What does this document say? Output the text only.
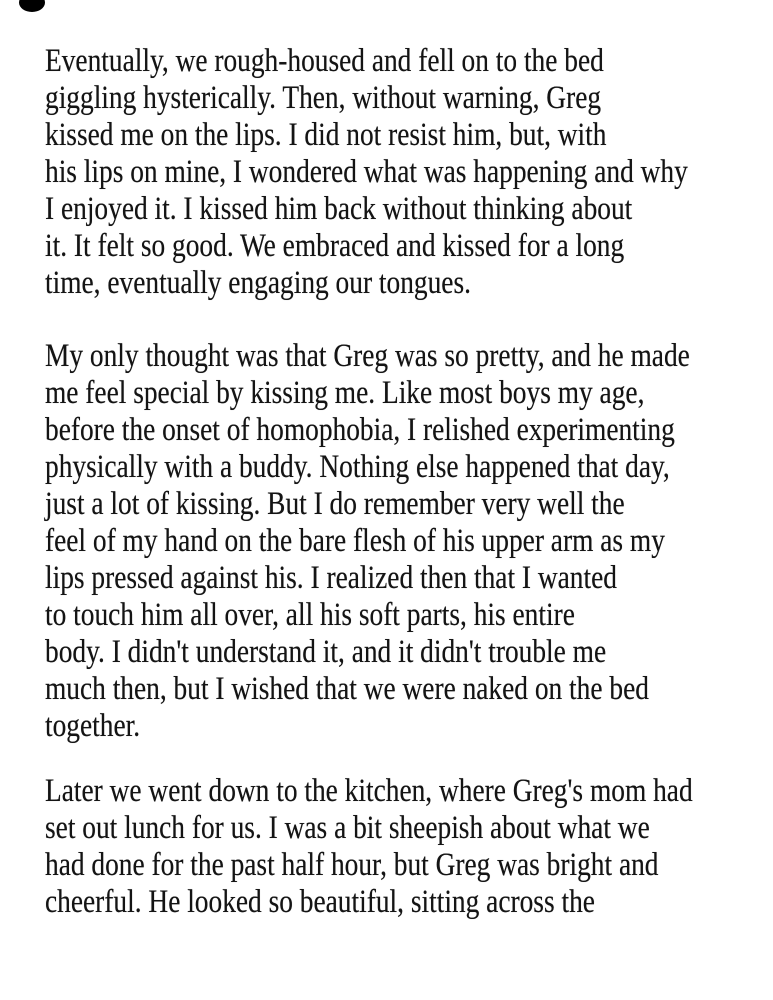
Eventually, we rough-housed and fell on to the bed
giggling hysterically. Then, without warning, Greg
kissed me on the lips. I did not resist him, but, with
his lips on mine, I wondered what was happening and why
I enjoyed it. I kissed him back without thinking about
it. It felt so good. We embraced and kissed for a long
time, eventually engaging our tongues.
My only thought was that Greg was so pretty, and he made
me feel special by kissing me. Like most boys my age,
before the onset of homophobia, I relished experimenting
physically with a buddy. Nothing else happened that day,
just a lot of kissing. But I do remember very well the
feel of my hand on the bare flesh of his upper arm as my
lips pressed against his. I realized then that I wanted
to touch him all over, all his soft parts, his entire
body. I didn't understand it, and it didn't trouble me
much then, but I wished that we were naked on the bed
together.
Later we went down to the kitchen, where Greg's mom had
set out lunch for us. I was a bit sheepish about what we
had done for the past half hour, but Greg was bright and
cheerful. He looked so beautiful, sitting across the
